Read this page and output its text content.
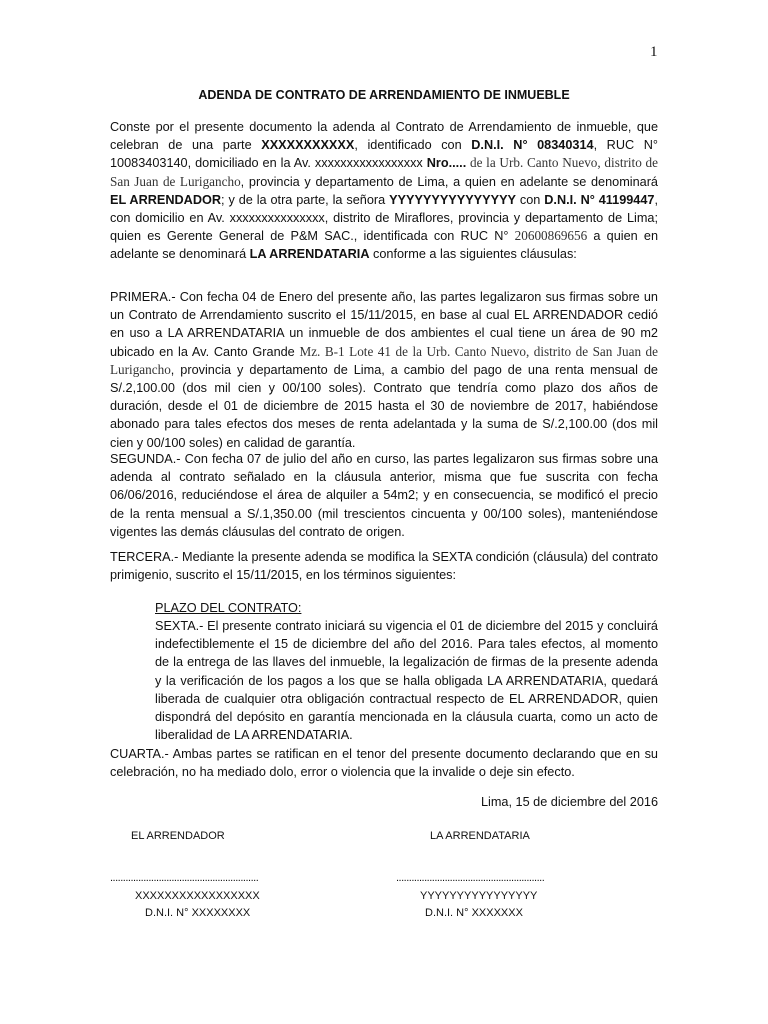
1
ADENDA DE CONTRATO DE ARRENDAMIENTO DE INMUEBLE

Conste por el presente documento la adenda al Contrato de Arrendamiento de inmueble, que celebran de una parte XXXXXXXXXXX, identificado con D.N.I. N° 08340314, RUC N° 10083403140, domiciliado en la Av. xxxxxxxxxxxxxxxxx Nro..... de la Urb. Canto Nuevo, distrito de San Juan de Lurigancho, provincia y departamento de Lima, a quien en adelante se denominará EL ARRENDADOR; y de la otra parte, la señora YYYYYYYYYYYYYYY con D.N.I. N° 41199447, con domicilio en Av. xxxxxxxxxxxxxxx, distrito de Miraflores, provincia y departamento de Lima; quien es Gerente General de P&M SAC., identificada con RUC N° 20600869656 a quien en adelante se denominará LA ARRENDATARIA conforme a las siguientes cláusulas:

PRIMERA.- Con fecha 04 de Enero del presente año, las partes legalizaron sus firmas sobre un un Contrato de Arrendamiento suscrito el 15/11/2015, en base al cual EL ARRENDADOR cedió en uso a LA ARRENDATARIA un inmueble de dos ambientes el cual tiene un área de 90 m2 ubicado en la Av. Canto Grande Mz. B-1 Lote 41 de la Urb. Canto Nuevo, distrito de San Juan de Lurigancho, provincia y departamento de Lima, a cambio del pago de una renta mensual de S/.2,100.00 (dos mil cien y 00/100 soles). Contrato que tendría como plazo dos años de duración, desde el 01 de diciembre de 2015 hasta el 30 de noviembre de 2017, habiéndose abonado para tales efectos dos meses de renta adelantada y la suma de S/.2,100.00 (dos mil cien y 00/100 soles) en calidad de garantía.

SEGUNDA.- Con fecha 07 de julio del año en curso, las partes legalizaron sus firmas sobre una adenda al contrato señalado en la cláusula anterior, misma que fue suscrita con fecha 06/06/2016, reduciéndose el área de alquiler a 54m2; y en consecuencia, se modificó el precio de la renta mensual a S/.1,350.00 (mil trescientos cincuenta y 00/100 soles), manteniéndose vigentes las demás cláusulas del contrato de origen.

TERCERA.- Mediante la presente adenda se modifica la SEXTA condición (cláusula) del contrato primigenio, suscrito el 15/11/2015, en los términos siguientes:

PLAZO DEL CONTRATO:

SEXTA.- El presente contrato iniciará su vigencia el 01 de diciembre del 2015 y concluirá indefectiblemente el 15 de diciembre del año del 2016. Para tales efectos, al momento de la entrega de las llaves del inmueble, la legalización de firmas de la presente adenda y la verificación de los pagos a los que se halla obligada LA ARRENDATARIA, quedará liberada de cualquier otra obligación contractual respecto de EL ARRENDADOR, quien dispondrá del depósito en garantía mencionada en la cláusula cuarta, como un acto de liberalidad de LA ARRENDATARIA.

CUARTA.- Ambas partes se ratifican en el tenor del presente documento declarando que en su celebración, no ha mediado dolo, error o violencia que la invalide o deje sin efecto.

Lima, 15 de diciembre del 2016
EL ARRENDADOR	LA ARRENDATARIA
..........................................................	..........................................................
XXXXXXXXXXXXXXXXX	YYYYYYYYYYYYYYYY
D.N.I. N° XXXXXXXX	D.N.I. N° XXXXXXX
